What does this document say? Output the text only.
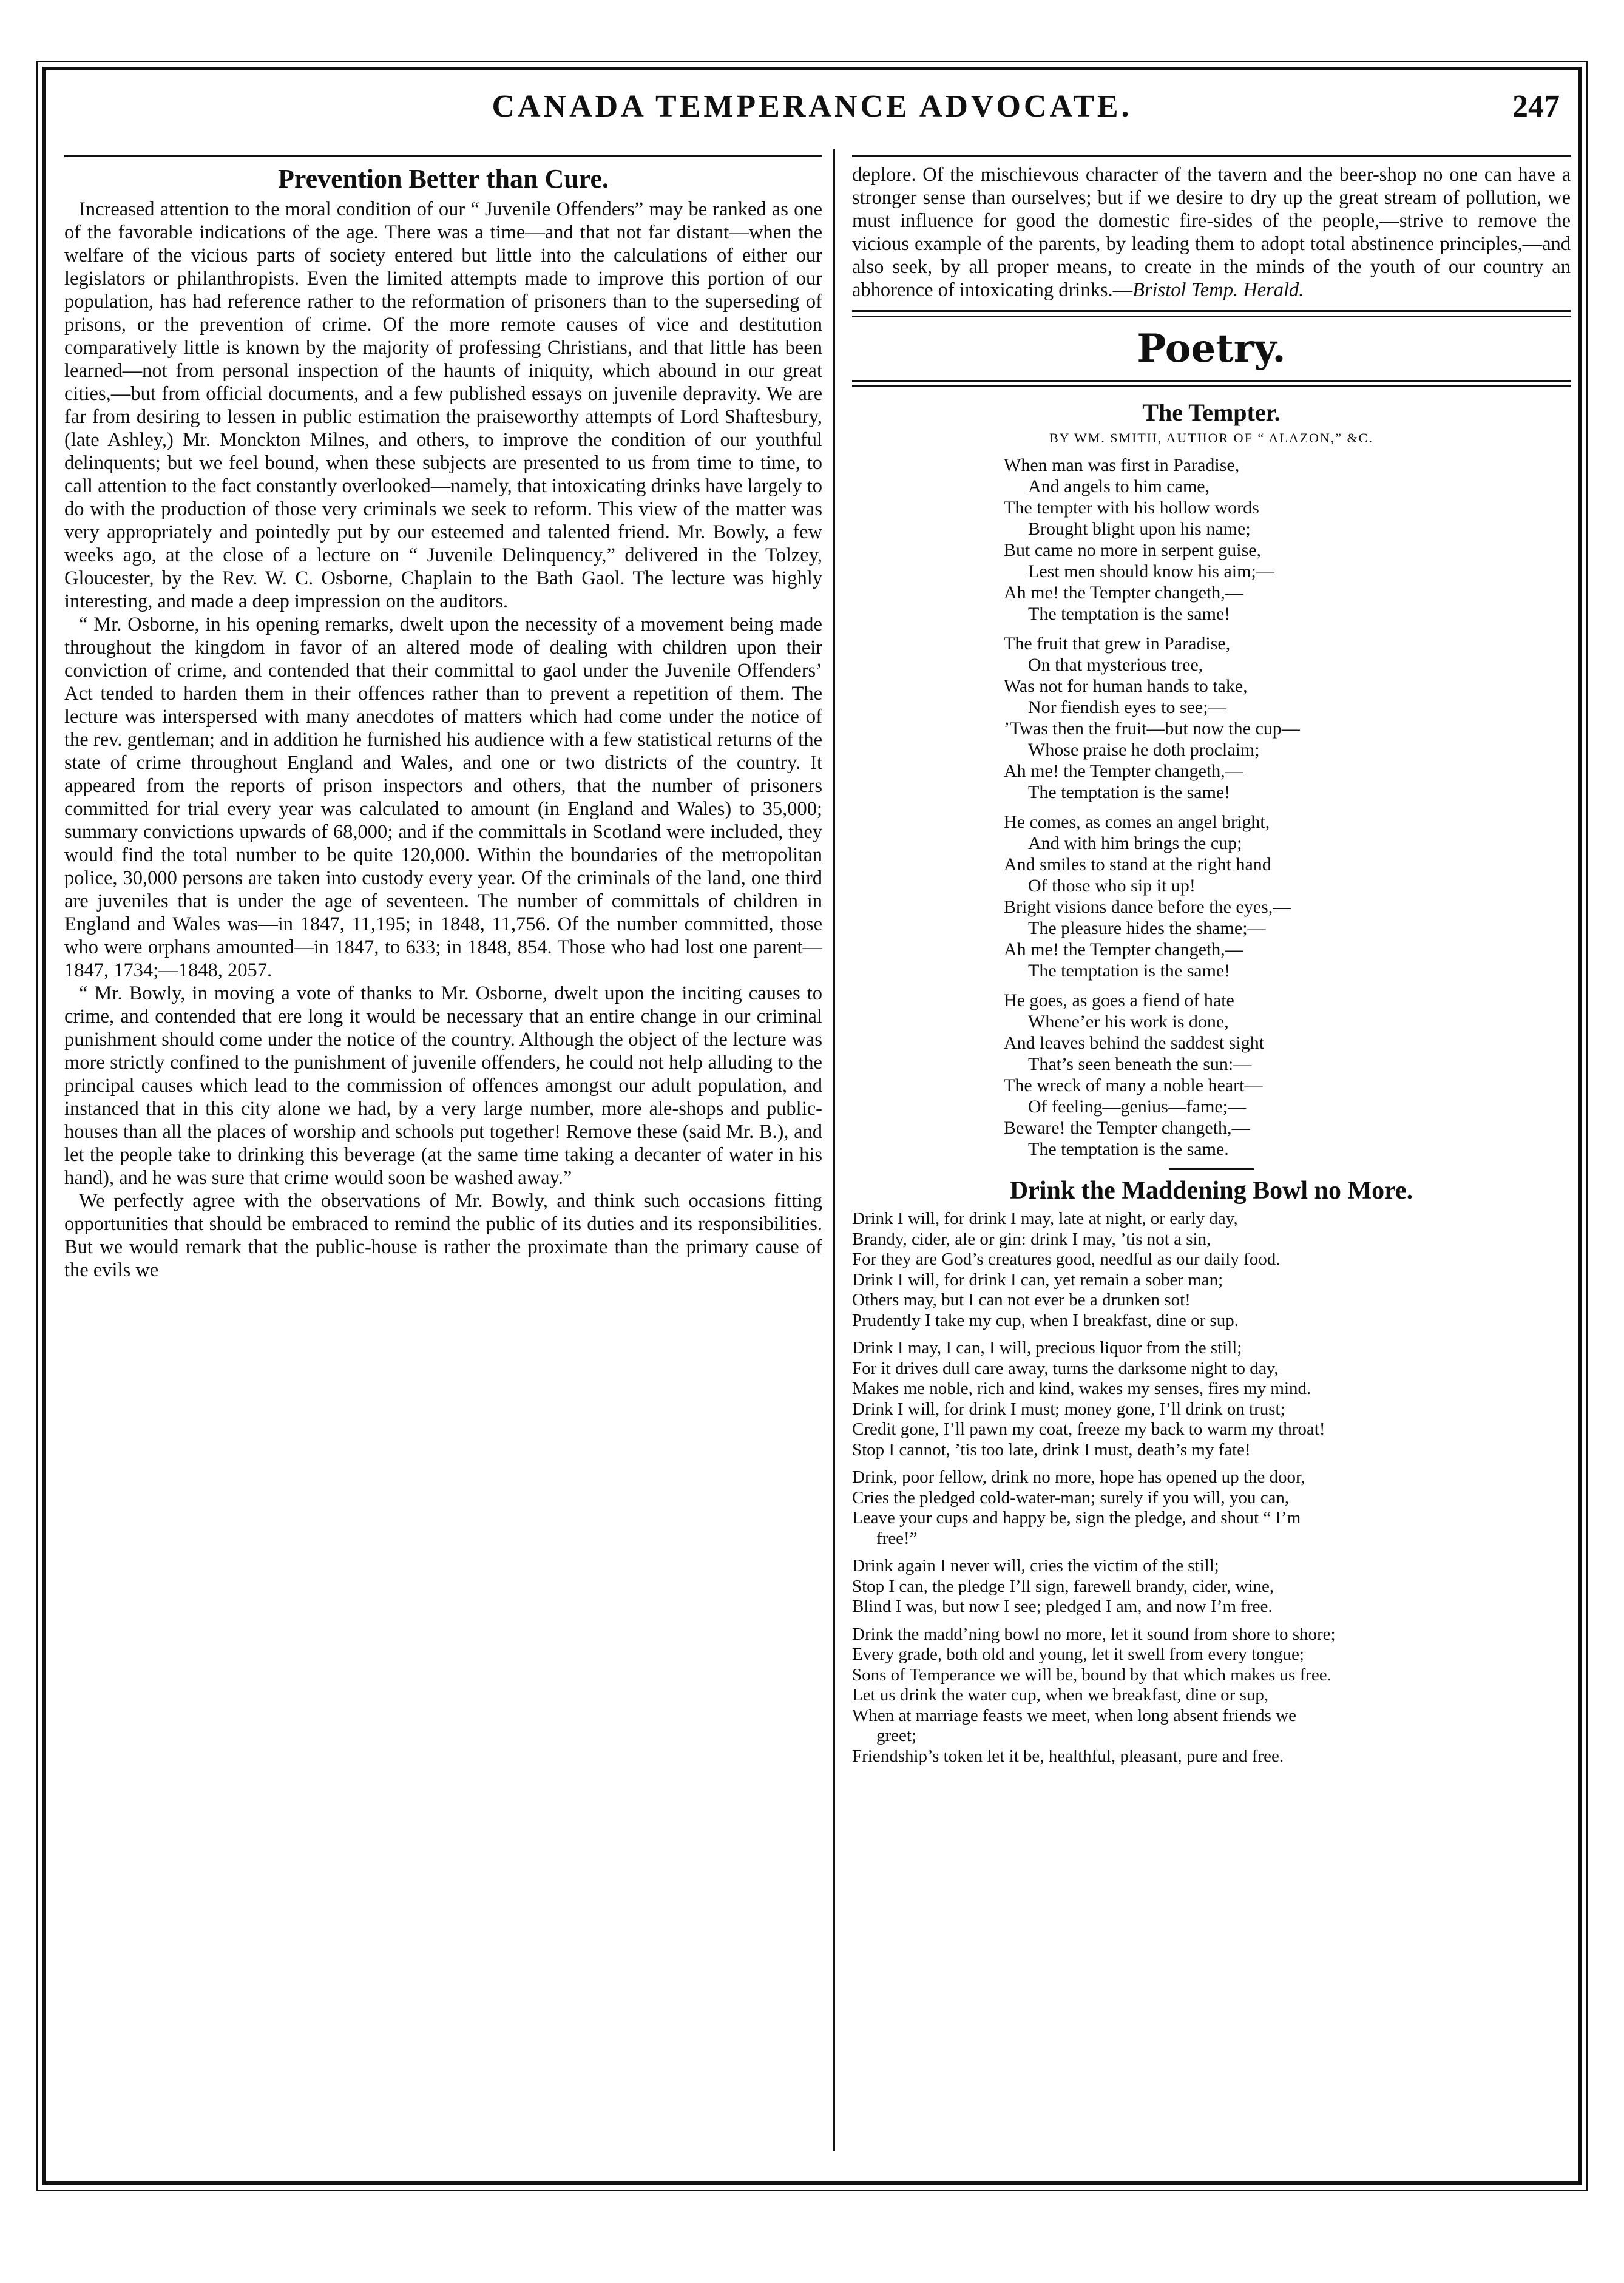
CANADA TEMPERANCE ADVOCATE.	247
Prevention Better than Cure.

Increased attention to the moral condition of our “ Juvenile Offenders” may be ranked as one of the favorable indications of the age. There was a time—and that not far distant—when the welfare of the vicious parts of society entered but little into the calculations of either our legislators or philanthropists. Even the limited attempts made to improve this portion of our population, has had reference rather to the reformation of prisoners than to the superseding of prisons, or the prevention of crime. Of the more remote causes of vice and destitution comparatively little is known by the majority of professing Christians, and that little has been learned—not from personal inspection of the haunts of iniquity, which abound in our great cities,—but from official documents, and a few published essays on juvenile depravity. We are far from desiring to lessen in public estimation the praiseworthy attempts of Lord Shaftesbury, (late Ashley,) Mr. Monckton Milnes, and others, to improve the condition of our youthful delinquents; but we feel bound, when these subjects are presented to us from time to time, to call attention to the fact constantly overlooked—namely, that intoxicating drinks have largely to do with the production of those very criminals we seek to reform. This view of the matter was very appropriately and pointedly put by our esteemed and talented friend. Mr. Bowly, a few weeks ago, at the close of a lecture on “ Juvenile Delinquency,” delivered in the Tolzey, Gloucester, by the Rev. W. C. Osborne, Chaplain to the Bath Gaol. The lecture was highly interesting, and made a deep impression on the auditors.

“ Mr. Osborne, in his opening remarks, dwelt upon the necessity of a movement being made throughout the kingdom in favor of an altered mode of dealing with children upon their conviction of crime, and contended that their committal to gaol under the Juvenile Offenders’ Act tended to harden them in their offences rather than to prevent a repetition of them. The lecture was interspersed with many anecdotes of matters which had come under the notice of the rev. gentleman; and in addition he furnished his audience with a few statistical returns of the state of crime throughout England and Wales, and one or two districts of the country. It appeared from the reports of prison inspectors and others, that the number of prisoners committed for trial every year was calculated to amount (in England and Wales) to 35,000; summary convictions upwards of 68,000; and if the committals in Scotland were included, they would find the total number to be quite 120,000. Within the boundaries of the metropolitan police, 30,000 persons are taken into custody every year. Of the criminals of the land, one third are juveniles that is under the age of seventeen. The number of committals of children in England and Wales was—in 1847, 11,195; in 1848, 11,756. Of the number committed, those who were orphans amounted—in 1847, to 633; in 1848, 854. Those who had lost one parent—1847, 1734;—1848, 2057.

“ Mr. Bowly, in moving a vote of thanks to Mr. Osborne, dwelt upon the inciting causes to crime, and contended that ere long it would be necessary that an entire change in our criminal punishment should come under the notice of the country. Although the object of the lecture was more strictly confined to the punishment of juvenile offenders, he could not help alluding to the principal causes which lead to the commission of offences amongst our adult population, and instanced that in this city alone we had, by a very large number, more ale-shops and public-houses than all the places of worship and schools put together! Remove these (said Mr. B.), and let the people take to drinking this beverage (at the same time taking a decanter of water in his hand), and he was sure that crime would soon be washed away.”

We perfectly agree with the observations of Mr. Bowly, and think such occasions fitting opportunities that should be embraced to remind the public of its duties and its responsibilities. But we would remark that the public-house is rather the proximate than the primary cause of the evils we

deplore. Of the mischievous character of the tavern and the beer-shop no one can have a stronger sense than ourselves; but if we desire to dry up the great stream of pollution, we must influence for good the domestic fire-sides of the people,—strive to remove the vicious example of the parents, by leading them to adopt total abstinence principles,—and also seek, by all proper means, to create in the minds of the youth of our country an abhorence of intoxicating drinks.—Bristol Temp. Herald.

Poetry.
The Tempter.
BY WM. SMITH, AUTHOR OF “ ALAZON,” &C.
When man was first in Paradise,
And angels to him came,
The tempter with his hollow words
Brought blight upon his name;
But came no more in serpent guise,
Lest men should know his aim;—
Ah me! the Tempter changeth,—
The temptation is the same!
The fruit that grew in Paradise,
On that mysterious tree,
Was not for human hands to take,
Nor fiendish eyes to see;—
’Twas then the fruit—but now the cup—
Whose praise he doth proclaim;
Ah me! the Tempter changeth,—
The temptation is the same!
He comes, as comes an angel bright,
And with him brings the cup;
And smiles to stand at the right hand
Of those who sip it up!
Bright visions dance before the eyes,—
The pleasure hides the shame;—
Ah me! the Tempter changeth,—
The temptation is the same!
He goes, as goes a fiend of hate
Whene’er his work is done,
And leaves behind the saddest sight
That’s seen beneath the sun:—
The wreck of many a noble heart—
Of feeling—genius—fame;—
Beware! the Tempter changeth,—
The temptation is the same.
Drink the Maddening Bowl no More.
Drink I will, for drink I may, late at night, or early day,
Brandy, cider, ale or gin: drink I may, ’tis not a sin,
For they are God’s creatures good, needful as our daily food.
Drink I will, for drink I can, yet remain a sober man;
Others may, but I can not ever be a drunken sot!
Prudently I take my cup, when I breakfast, dine or sup.
Drink I may, I can, I will, precious liquor from the still;
For it drives dull care away, turns the darksome night to day,
Makes me noble, rich and kind, wakes my senses, fires my mind.
Drink I will, for drink I must; money gone, I’ll drink on trust;
Credit gone, I’ll pawn my coat, freeze my back to warm my throat!
Stop I cannot, ’tis too late, drink I must, death’s my fate!
Drink, poor fellow, drink no more, hope has opened up the door,
Cries the pledged cold-water-man; surely if you will, you can,
Leave your cups and happy be, sign the pledge, and shout “ I’m
free!”
Drink again I never will, cries the victim of the still;
Stop I can, the pledge I’ll sign, farewell brandy, cider, wine,
Blind I was, but now I see; pledged I am, and now I’m free.
Drink the madd’ning bowl no more, let it sound from shore to shore;
Every grade, both old and young, let it swell from every tongue;
Sons of Temperance we will be, bound by that which makes us free.
Let us drink the water cup, when we breakfast, dine or sup,
When at marriage feasts we meet, when long absent friends we
greet;
Friendship’s token let it be, healthful, pleasant, pure and free.
